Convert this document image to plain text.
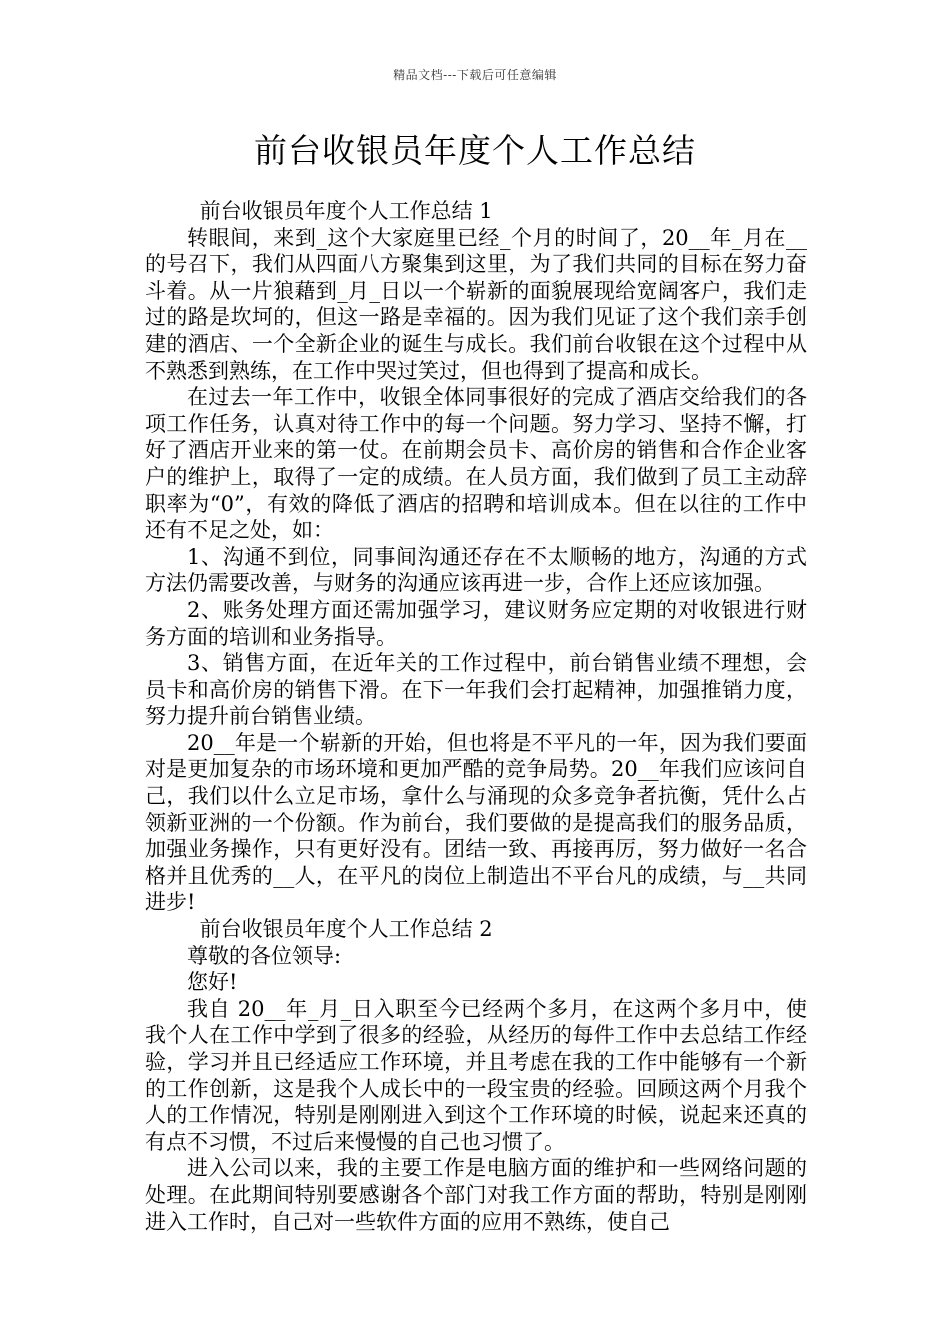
精品文档---下载后可任意编辑
前台收银员年度个人工作总结

前台收银员年度个人工作总结 1

转眼间，来到_这个大家庭里已经_个月的时间了，20__年_月在__的号召下，我们从四面八方聚集到这里，为了我们共同的目标在努力奋斗着。从一片狼藉到_月_日以一个崭新的面貌展现给宽阔客户，我们走过的路是坎坷的，但这一路是幸福的。因为我们见证了这个我们亲手创建的酒店、一个全新企业的诞生与成长。我们前台收银在这个过程中从不熟悉到熟练，在工作中哭过笑过，但也得到了提高和成长。

在过去一年工作中，收银全体同事很好的完成了酒店交给我们的各项工作任务，认真对待工作中的每一个问题。努力学习、坚持不懈，打好了酒店开业来的第一仗。在前期会员卡、高价房的销售和合作企业客户的维护上，取得了一定的成绩。在人员方面，我们做到了员工主动辞职率为“0”，有效的降低了酒店的招聘和培训成本。但在以往的工作中还有不足之处，如：

1、沟通不到位，同事间沟通还存在不太顺畅的地方，沟通的方式方法仍需要改善，与财务的沟通应该再进一步，合作上还应该加强。

2、账务处理方面还需加强学习，建议财务应定期的对收银进行财务方面的培训和业务指导。

3、销售方面，在近年关的工作过程中，前台销售业绩不理想，会员卡和高价房的销售下滑。在下一年我们会打起精神，加强推销力度，努力提升前台销售业绩。

20__年是一个崭新的开始，但也将是不平凡的一年，因为我们要面对是更加复杂的市场环境和更加严酷的竞争局势。20__年我们应该问自己，我们以什么立足市场，拿什么与涌现的众多竞争者抗衡，凭什么占领新亚洲的一个份额。作为前台，我们要做的是提高我们的服务品质，加强业务操作，只有更好没有。团结一致、再接再厉，努力做好一名合格并且优秀的__人，在平凡的岗位上制造出不平台凡的成绩，与__共同进步!

前台收银员年度个人工作总结 2

尊敬的各位领导:

您好!

我自 20__年_月_日入职至今已经两个多月，在这两个多月中，使我个人在工作中学到了很多的经验，从经历的每件工作中去总结工作经验，学习并且已经适应工作环境，并且考虑在我的工作中能够有一个新的工作创新，这是我个人成长中的一段宝贵的经验。回顾这两个月我个人的工作情况，特别是刚刚进入到这个工作环境的时候，说起来还真的有点不习惯，不过后来慢慢的自己也习惯了。

进入公司以来，我的主要工作是电脑方面的维护和一些网络问题的处理。在此期间特别要感谢各个部门对我工作方面的帮助，特别是刚刚进入工作时，自己对一些软件方面的应用不熟练，使自己
